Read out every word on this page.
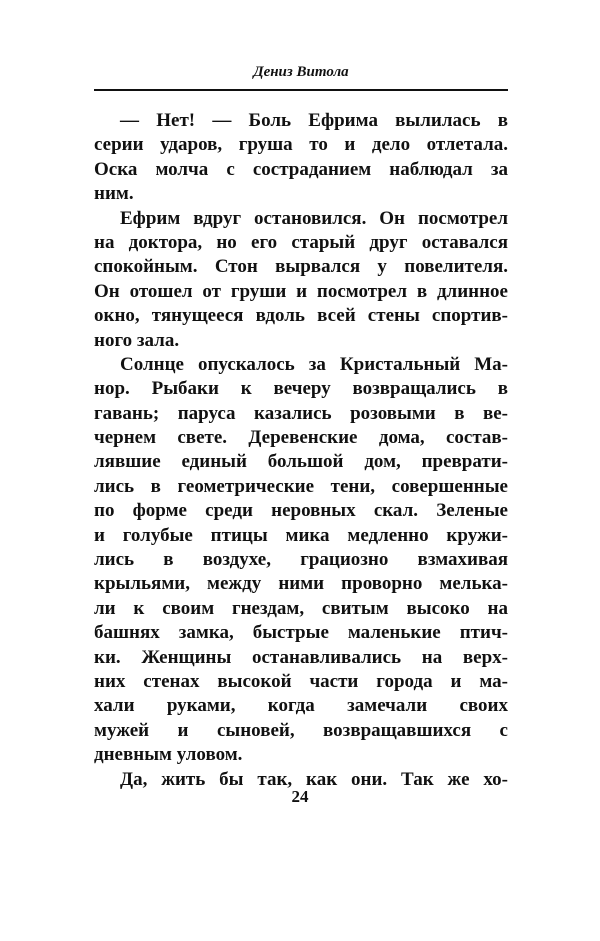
Дениз Витола
— Нет! — Боль Ефрима вылилась в
серии ударов, груша то и дело отлетала.
Оска молча с состраданием наблюдал за
ним.
Ефрим вдруг остановился. Он посмотрел
на доктора, но его старый друг оставался
спокойным. Стон вырвался у повелителя.
Он отошел от груши и посмотрел в длинное
окно, тянущееся вдоль всей стены спортив-
ного зала.
Солнце опускалось за Кристальный Ма-
нор. Рыбаки к вечеру возвращались в
гавань; паруса казались розовыми в ве-
чернем свете. Деревенские дома, состав-
лявшие единый большой дом, преврати-
лись в геометрические тени, совершенные
по форме среди неровных скал. Зеленые
и голубые птицы мика медленно кружи-
лись в воздухе, грациозно взмахивая
крыльями, между ними проворно мелька-
ли к своим гнездам, свитым высоко на
башнях замка, быстрые маленькие птич-
ки. Женщины останавливались на верх-
них стенах высокой части города и ма-
хали руками, когда замечали своих
мужей и сыновей, возвращавшихся с
дневным уловом.
Да, жить бы так, как они. Так же хо-
24
